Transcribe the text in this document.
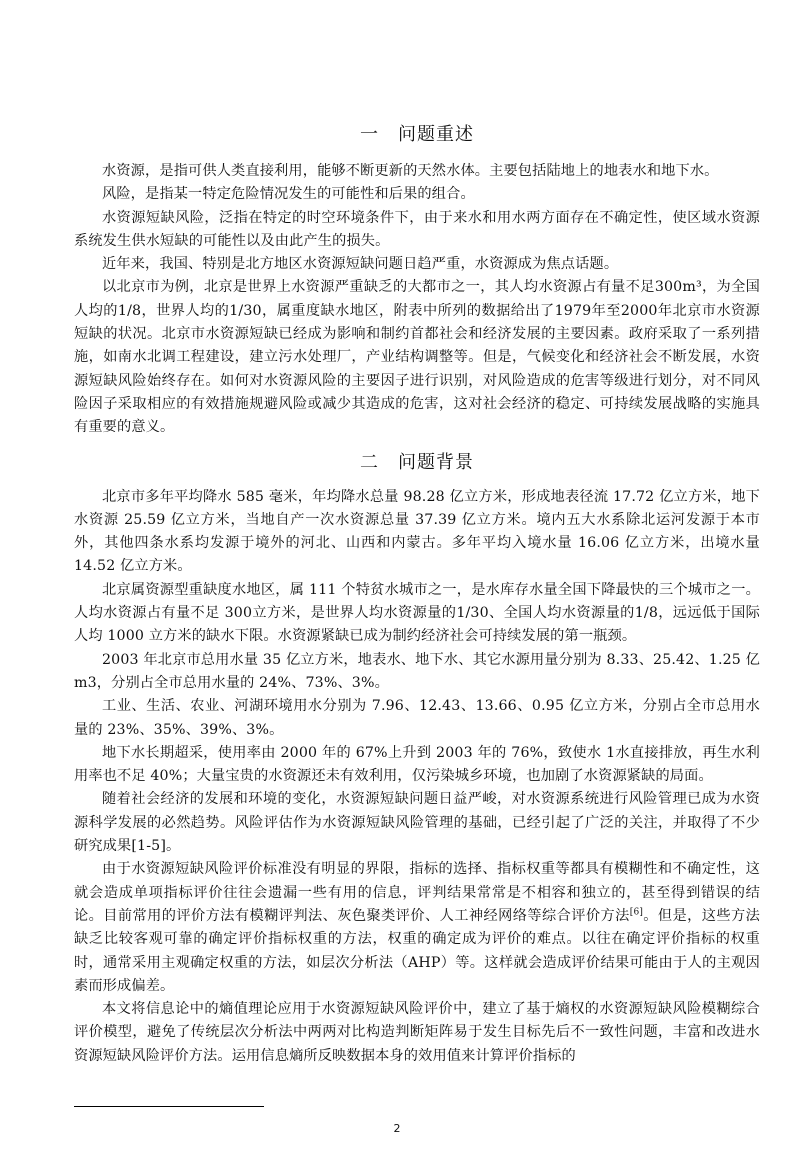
一　问题重述

水资源，是指可供人类直接利用，能够不断更新的天然水体。主要包括陆地上的地表水和地下水。

风险，是指某一特定危险情况发生的可能性和后果的组合。

水资源短缺风险，泛指在特定的时空环境条件下，由于来水和用水两方面存在不确定性，使区域水资源系统发生供水短缺的可能性以及由此产生的损失。

近年来，我国、特别是北方地区水资源短缺问题日趋严重，水资源成为焦点话题。

以北京市为例，北京是世界上水资源严重缺乏的大都市之一，其人均水资源占有量不足300m³，为全国人均的1/8，世界人均的1/30，属重度缺水地区，附表中所列的数据给出了1979年至2000年北京市水资源短缺的状况。北京市水资源短缺已经成为影响和制约首都社会和经济发展的主要因素。政府采取了一系列措施，如南水北调工程建设，建立污水处理厂，产业结构调整等。但是，气候变化和经济社会不断发展，水资源短缺风险始终存在。如何对水资源风险的主要因子进行识别，对风险造成的危害等级进行划分，对不同风险因子采取相应的有效措施规避风险或减少其造成的危害，这对社会经济的稳定、可持续发展战略的实施具有重要的意义。

二　问题背景

北京市多年平均降水 585 毫米，年均降水总量 98.28 亿立方米，形成地表径流 17.72 亿立方米，地下水资源 25.59 亿立方米，当地自产一次水资源总量 37.39 亿立方米。境内五大水系除北运河发源于本市外，其他四条水系均发源于境外的河北、山西和内蒙古。多年平均入境水量 16.06 亿立方米，出境水量 14.52 亿立方米。

北京属资源型重缺度水地区，属 111 个特贫水城市之一，是水库存水量全国下降最快的三个城市之一。人均水资源占有量不足 300立方米，是世界人均水资源量的1/30、全国人均水资源量的1/8，远远低于国际人均 1000 立方米的缺水下限。水资源紧缺已成为制约经济社会可持续发展的第一瓶颈。

2003 年北京市总用水量 35 亿立方米，地表水、地下水、其它水源用量分别为 8.33、25.42、1.25 亿 m3，分别占全市总用水量的 24%、73%、3%。

工业、生活、农业、河湖环境用水分别为 7.96、12.43、13.66、0.95 亿立方米，分别占全市总用水量的 23%、35%、39%、3%。

地下水长期超采，使用率由 2000 年的 67%上升到 2003 年的 76%，致使水 1水直接排放，再生水利用率也不足 40%；大量宝贵的水资源还未有效利用，仅污染城乡环境，也加剧了水资源紧缺的局面。

随着社会经济的发展和环境的变化，水资源短缺问题日益严峻，对水资源系统进行风险管理已成为水资源科学发展的必然趋势。风险评估作为水资源短缺风险管理的基础，已经引起了广泛的关注，并取得了不少研究成果[1-5]。

由于水资源短缺风险评价标准没有明显的界限，指标的选择、指标权重等都具有模糊性和不确定性，这就会造成单项指标评价往往会遗漏一些有用的信息，评判结果常常是不相容和独立的，甚至得到错误的结论。目前常用的评价方法有模糊评判法、灰色聚类评价、人工神经网络等综合评价方法[6]。但是，这些方法缺乏比较客观可靠的确定评价指标权重的方法，权重的确定成为评价的难点。以往在确定评价指标的权重时，通常采用主观确定权重的方法，如层次分析法（AHP）等。这样就会造成评价结果可能由于人的主观因素而形成偏差。

本文将信息论中的熵值理论应用于水资源短缺风险评价中，建立了基于熵权的水资源短缺风险模糊综合评价模型，避免了传统层次分析法中两两对比构造判断矩阵易于发生目标先后不一致性问题，丰富和改进水资源短缺风险评价方法。运用信息熵所反映数据本身的效用值来计算评价指标的

2
